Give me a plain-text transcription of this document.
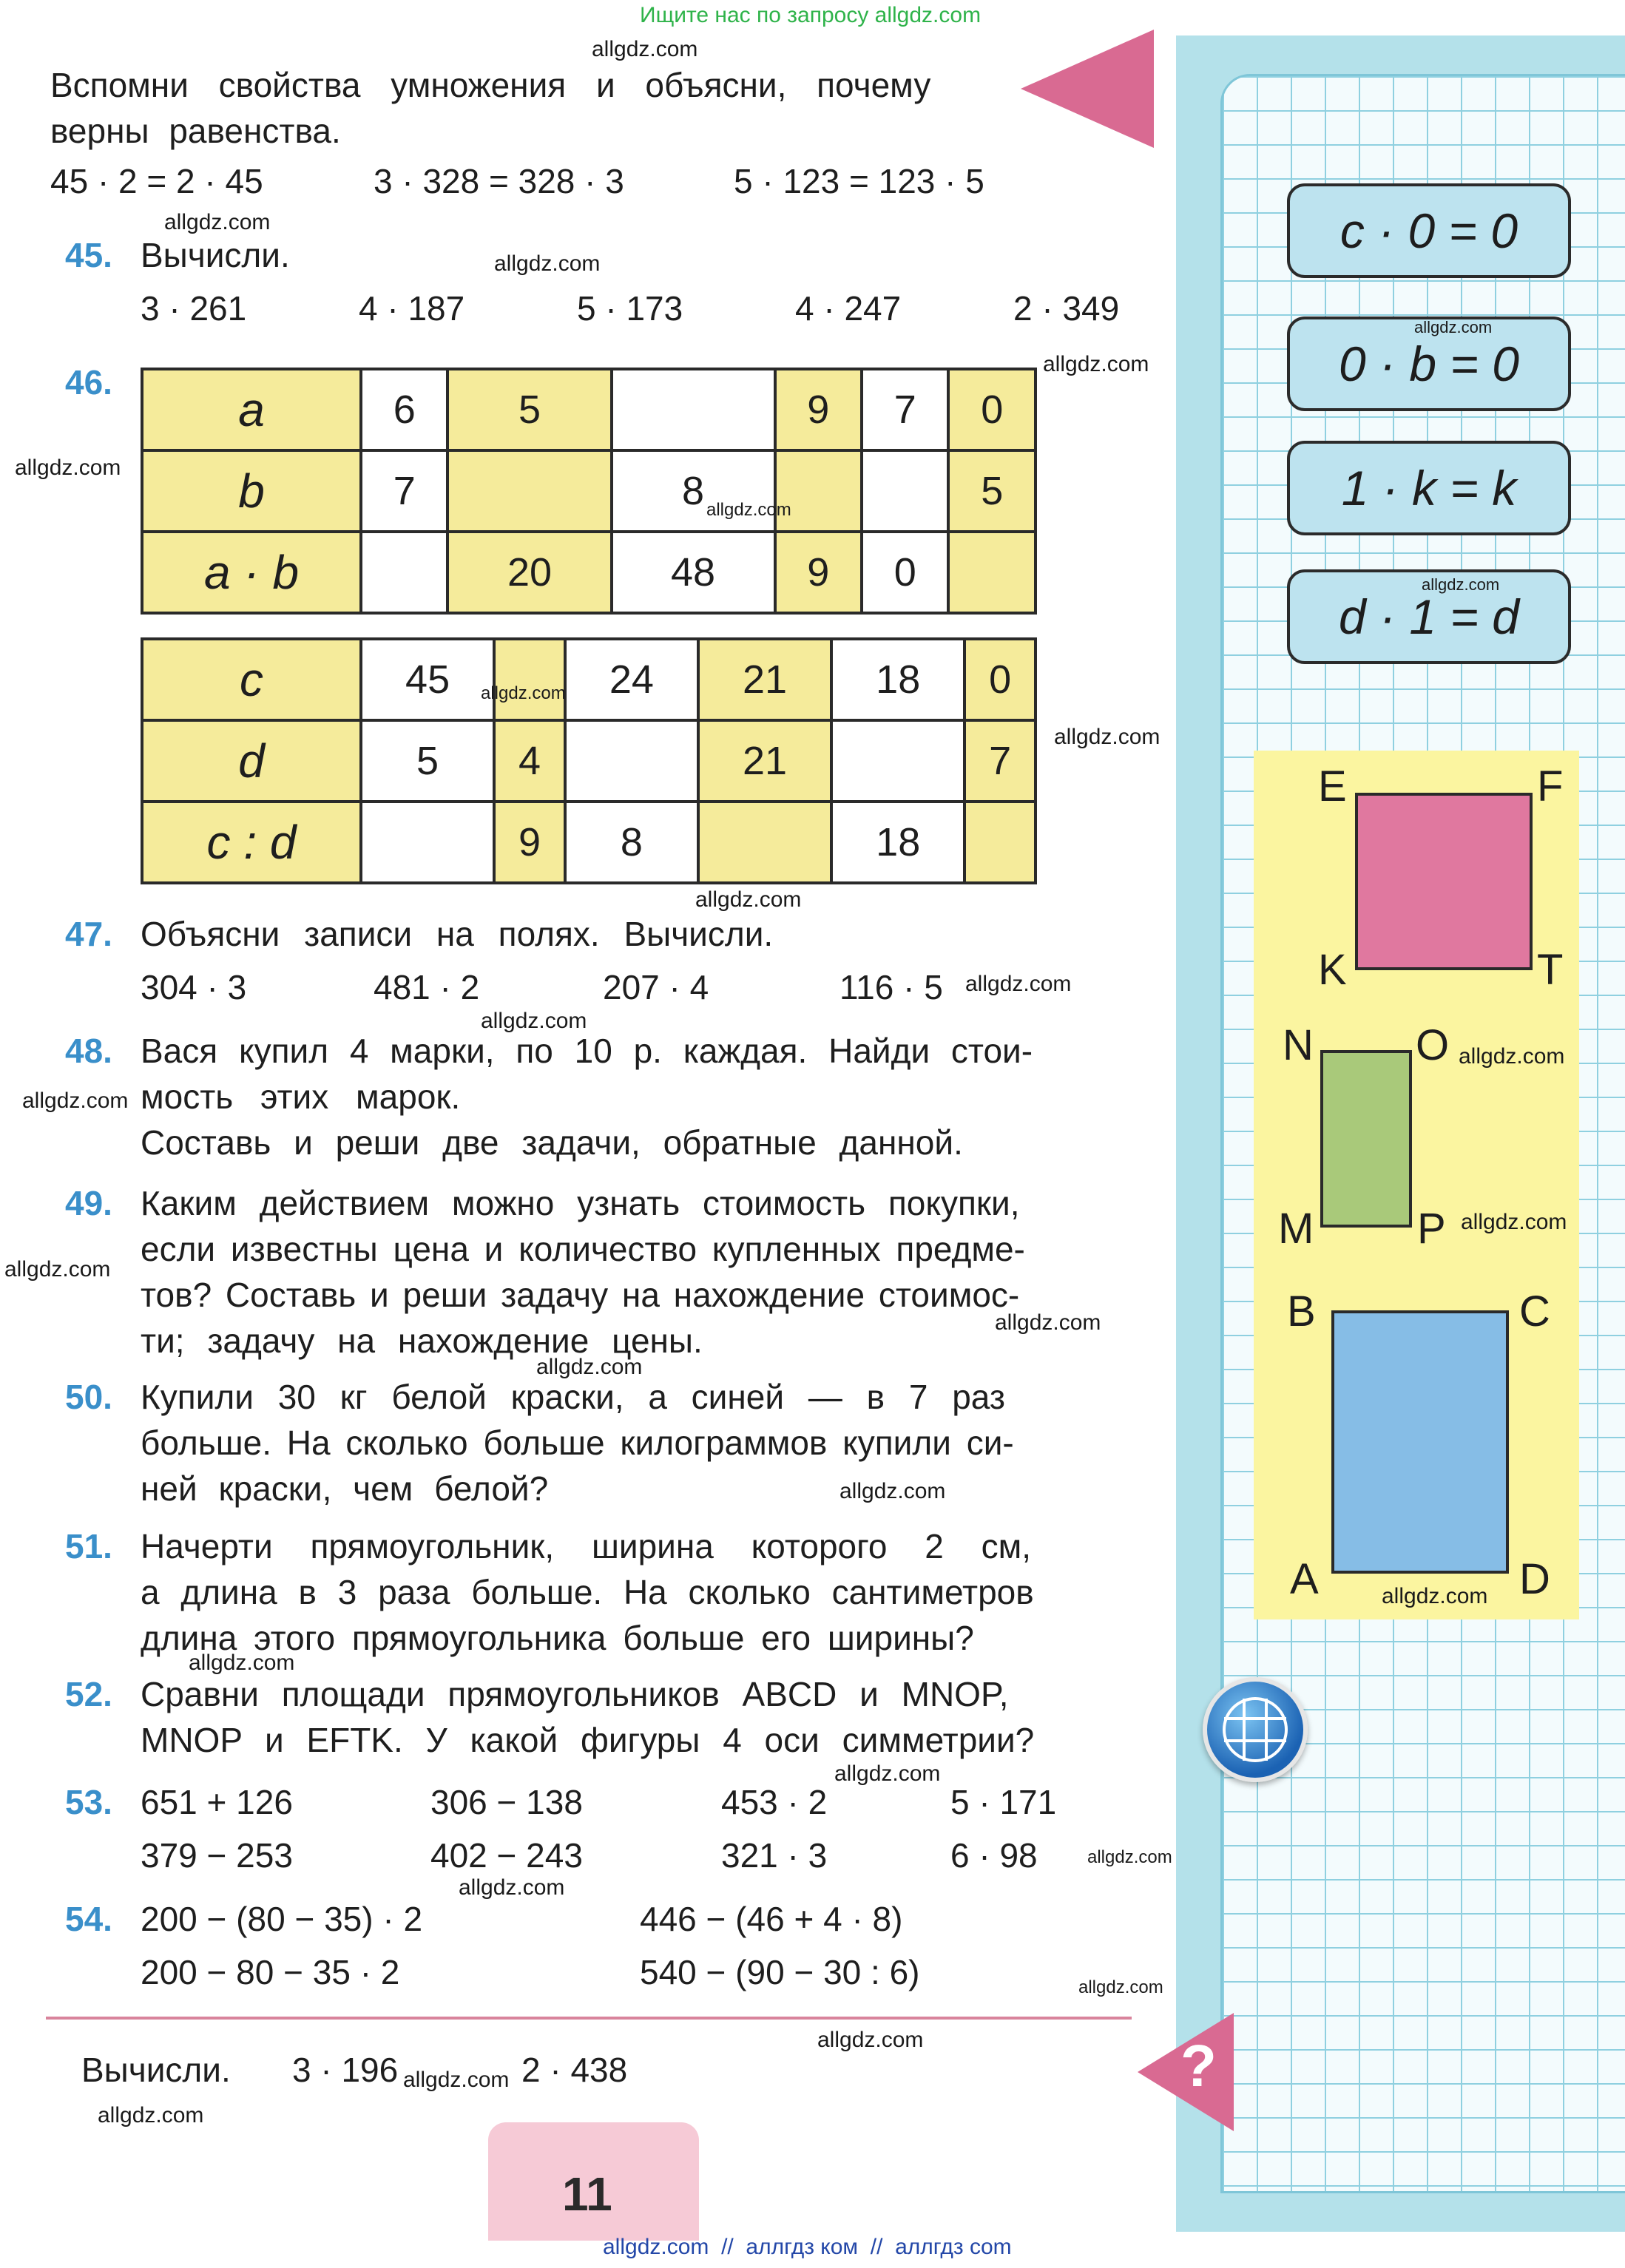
Ищите нас по запросу allgdz.com
c · 0 = 0
0 · b = 0
1 · k = k
d · 1 = d
E	F
K	T
N O
M P
B	C
A	D
?
Вспомни свойства умножения и объясни, почему
верны равенства.
45 · 2 = 2 · 45	3 · 328 = 328 · 3	5 · 123 = 123 · 5
45. Вычисли.
3 · 261	4 · 187	5 · 173	4 · 247	2 · 349
46.
a	6	5		9	7	0
b	7		8			5
a · b		20	48	9	0	
c	45		24	21	18	0
d	5	4		21		7
c : d		9	8		18	
47. Объясни записи на полях. Вычисли.
304 · 3	481 · 2	207 · 4	116 · 5
48. Вася купил 4 марки, по 10 р. каждая. Найди стои-
мость этих марок.
Составь и реши две задачи, обратные данной.
49. Каким действием можно узнать стоимость покупки,
если известны цена и количество купленных предме-
тов? Составь и реши задачу на нахождение стоимос-
ти; задачу на нахождение цены.
50. Купили 30 кг белой краски, а синей — в 7 раз
больше. На сколько больше килограммов купили си-
ней краски, чем белой?
51. Начерти прямоугольник, ширина которого 2 см,
а длина в 3 раза больше. На сколько сантиметров
длина этого прямоугольника больше его ширины?
52. Сравни площади прямоугольников ABCD и MNOP,
MNOP и EFTK. У какой фигуры 4 оси симметрии?
53. 651 + 126	306 − 138	453 · 2	5 · 171
379 − 253	402 − 243	321 · 3	6 · 98
54. 200 − (80 − 35) · 2	446 − (46 + 4 · 8)
200 − 80 − 35 · 2	540 − (90 − 30 : 6)
Вычисли. 3 · 196	2 · 438
11
allgdz.com  //  аллгдз ком  //  аллгдз com
allgdz.com
allgdz.com
allgdz.com
allgdz.com
allgdz.com
allgdz.com
allgdz.com
allgdz.com
allgdz.com
allgdz.com
allgdz.com
allgdz.com
allgdz.com
allgdz.com
allgdz.com
allgdz.com
allgdz.com
allgdz.com
allgdz.com
allgdz.com
allgdz.com
allgdz.com
allgdz.com
allgdz.com
allgdz.com
allgdz.com
allgdz.com
allgdz.com
allgdz.com
